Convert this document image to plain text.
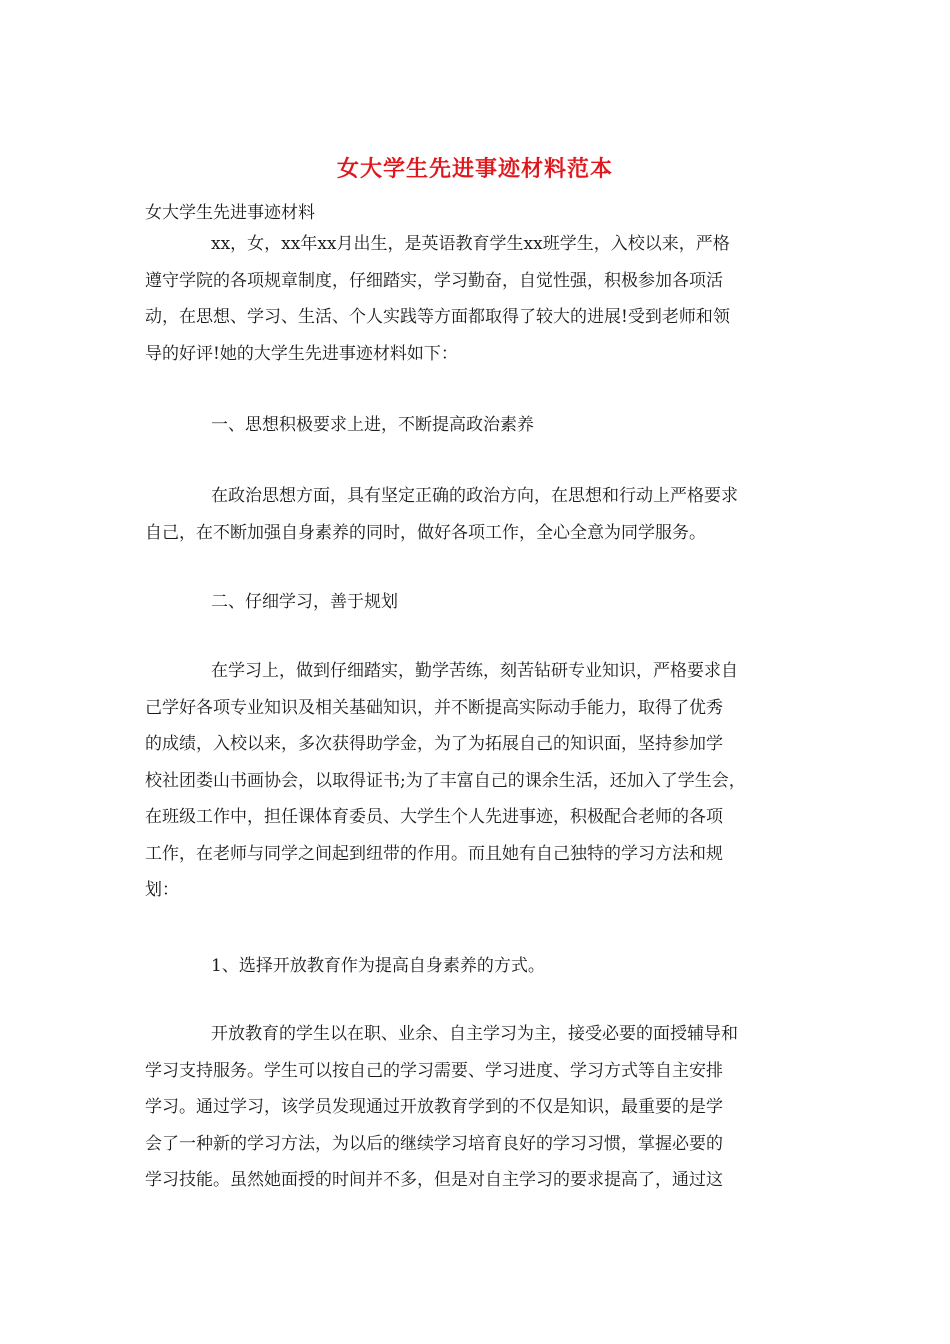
女大学生先进事迹材料范本
女大学生先进事迹材料
xx，女，xx年xx月出生，是英语教育学生xx班学生，入校以来，严格
遵守学院的各项规章制度，仔细踏实，学习勤奋，自觉性强，积极参加各项活
动，在思想、学习、生活、个人实践等方面都取得了较大的进展!受到老师和领
导的好评!她的大学生先进事迹材料如下：
一、思想积极要求上进，不断提高政治素养
在政治思想方面，具有坚定正确的政治方向，在思想和行动上严格要求
自己，在不断加强自身素养的同时，做好各项工作，全心全意为同学服务。
二、仔细学习，善于规划
在学习上，做到仔细踏实，勤学苦练，刻苦钻研专业知识，严格要求自
己学好各项专业知识及相关基础知识，并不断提高实际动手能力，取得了优秀
的成绩，入校以来，多次获得助学金，为了为拓展自己的知识面，坚持参加学
校社团娄山书画协会，以取得证书;为了丰富自己的课余生活，还加入了学生会，
在班级工作中，担任课体育委员、大学生个人先进事迹，积极配合老师的各项
工作，在老师与同学之间起到纽带的作用。而且她有自己独特的学习方法和规
划：
1、选择开放教育作为提高自身素养的方式。
开放教育的学生以在职、业余、自主学习为主，接受必要的面授辅导和
学习支持服务。学生可以按自己的学习需要、学习进度、学习方式等自主安排
学习。通过学习，该学员发现通过开放教育学到的不仅是知识，最重要的是学
会了一种新的学习方法，为以后的继续学习培育良好的学习习惯，掌握必要的
学习技能。虽然她面授的时间并不多，但是对自主学习的要求提高了，通过这
